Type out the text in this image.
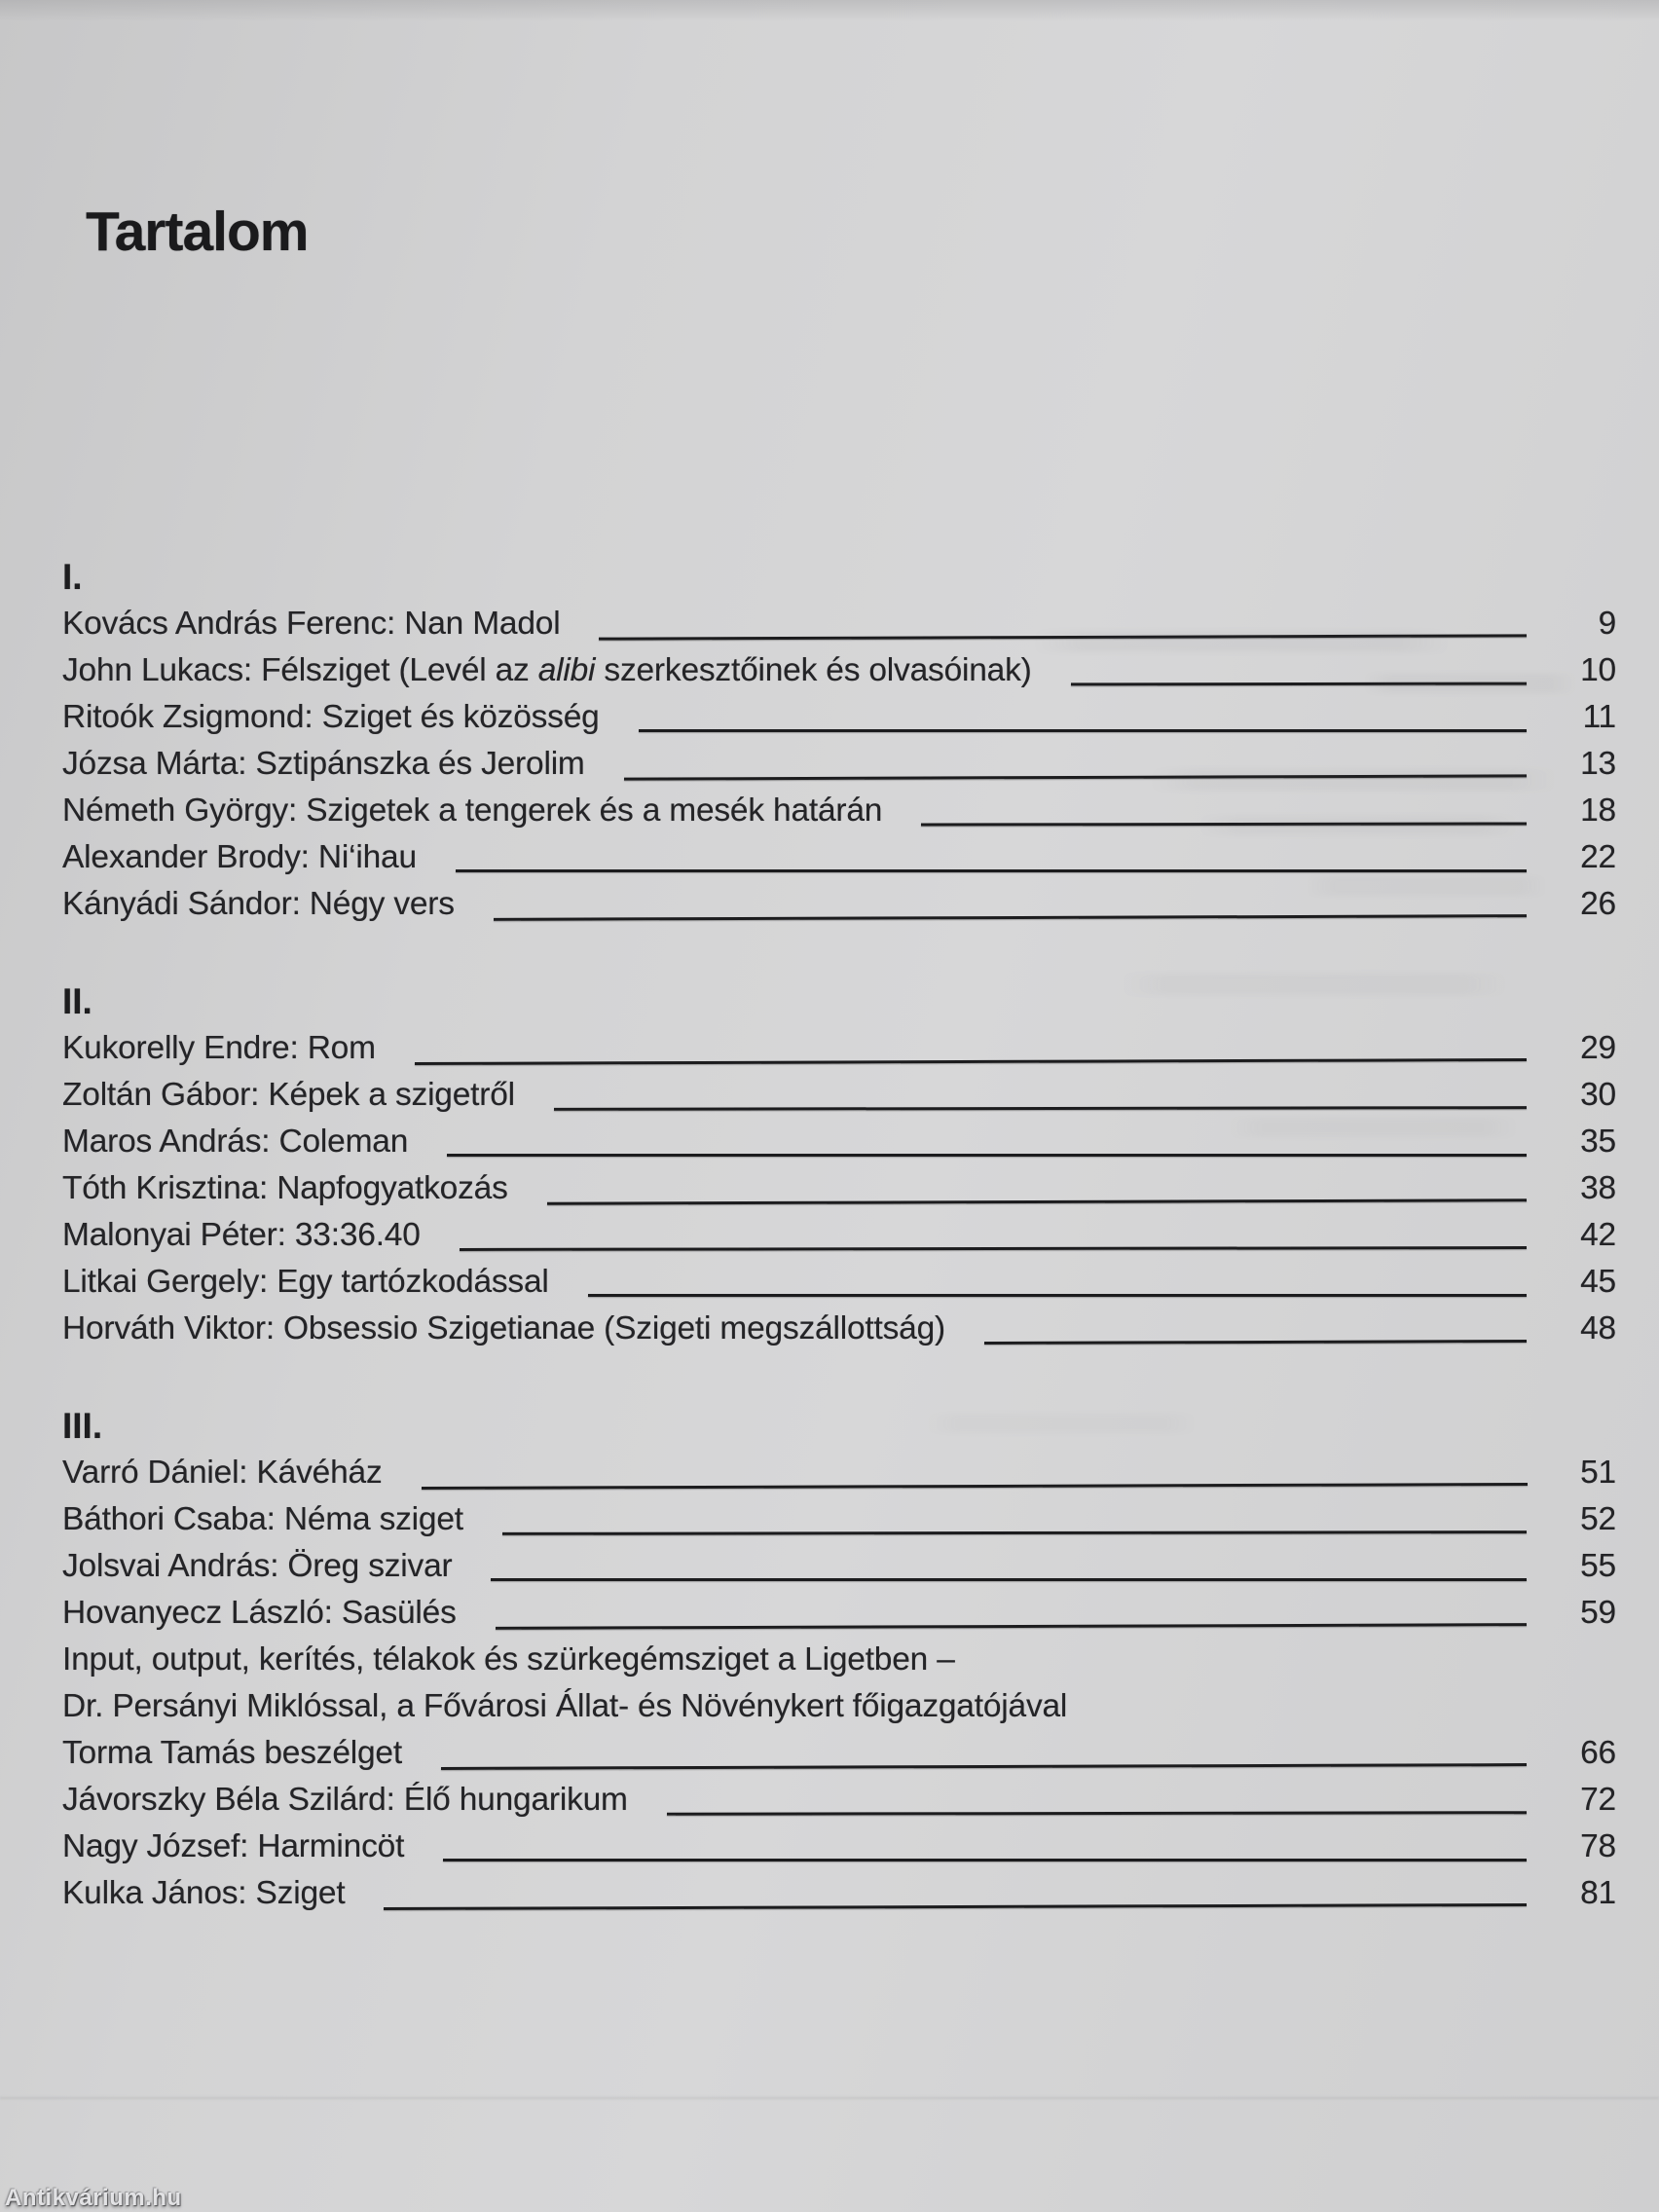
Tartalom
I.
Kovács András Ferenc: Nan Madol	9
John Lukacs: Félsziget (Levél az alibi szerkesztőinek és olvasóinak)	10
Ritoók Zsigmond: Sziget és közösség	11
Józsa Márta: Sztipánszka és Jerolim	13
Németh György: Szigetek a tengerek és a mesék határán	18
Alexander Brody: Ni‘ihau	22
Kányádi Sándor: Négy vers	26
II.
Kukorelly Endre: Rom	29
Zoltán Gábor: Képek a szigetről	30
Maros András: Coleman	35
Tóth Krisztina: Napfogyatkozás	38
Malonyai Péter: 33:36.40	42
Litkai Gergely: Egy tartózkodással	45
Horváth Viktor: Obsessio Szigetianae (Szigeti megszállottság)	48
III.
Varró Dániel: Kávéház	51
Báthori Csaba: Néma sziget	52
Jolsvai András: Öreg szivar	55
Hovanyecz László: Sasülés	59
Input, output, kerítés, télakok és szürkegémsziget a Ligetben –
Dr. Persányi Miklóssal, a Fővárosi Állat- és Növénykert főigazgatójával
Torma Tamás beszélget	66
Jávorszky Béla Szilárd: Élő hungarikum	72
Nagy József: Harmincöt	78
Kulka János: Sziget	81
Antikvárium.hu
